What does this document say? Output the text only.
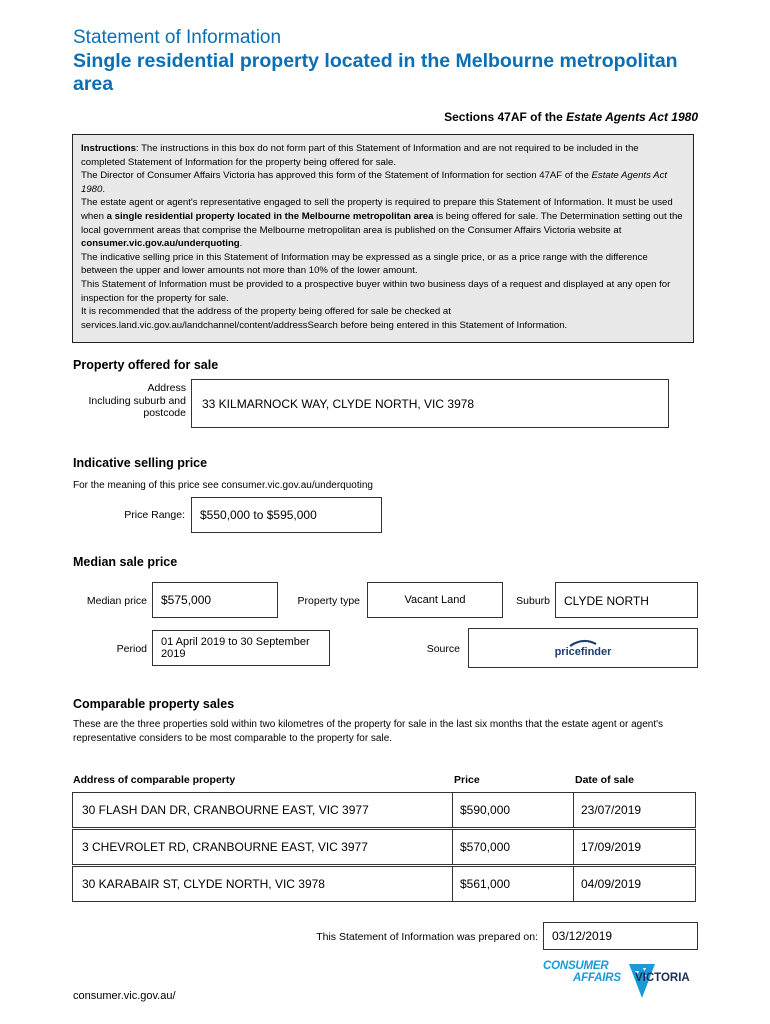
Statement of Information
Single residential property located in the Melbourne metropolitan area
Sections 47AF of the Estate Agents Act 1980

Instructions: The instructions in this box do not form part of this Statement of Information and are not required to be included in the completed Statement of Information for the property being offered for sale.

The Director of Consumer Affairs Victoria has approved this form of the Statement of Information for section 47AF of the Estate Agents Act 1980.

The estate agent or agent's representative engaged to sell the property is required to prepare this Statement of Information. It must be used when a single residential property located in the Melbourne metropolitan area is being offered for sale. The Determination setting out the local government areas that comprise the Melbourne metropolitan area is published on the Consumer Affairs Victoria website at consumer.vic.gov.au/underquoting.

The indicative selling price in this Statement of Information may be expressed as a single price, or as a price range with the difference between the upper and lower amounts not more than 10% of the lower amount.

This Statement of Information must be provided to a prospective buyer within two business days of a request and displayed at any open for inspection for the property for sale.

It is recommended that the address of the property being offered for sale be checked at services.land.vic.gov.au/landchannel/content/addressSearch before being entered in this Statement of Information.

Property offered for sale
Address
Including suburb and
postcode
33 KILMARNOCK WAY, CLYDE NORTH, VIC 3978
Indicative selling price
For the meaning of this price see consumer.vic.gov.au/underquoting
Price Range:	$550,000 to $595,000
Median sale price
Median price	$575,000	Property type	Vacant Land	Suburb	CLYDE NORTH
Period
01 April 2019 to 30 September 2019	Source	pricefinder
Comparable property sales
These are the three properties sold within two kilometres of the property for sale in the last six months that the estate agent or agent's representative considers to be most comparable to the property for sale.
Address of comparable property	Price	Date of sale
30 FLASH DAN DR, CRANBOURNE EAST, VIC 3977	$590,000	23/07/2019
3 CHEVROLET RD, CRANBOURNE EAST, VIC 3977	$570,000	17/09/2019
30 KARABAIR ST, CLYDE NORTH, VIC 3978	$561,000	04/09/2019
This Statement of Information was prepared on:	03/12/2019
CONSUMER
AFFAIRS VICTORIA
consumer.vic.gov.au/
